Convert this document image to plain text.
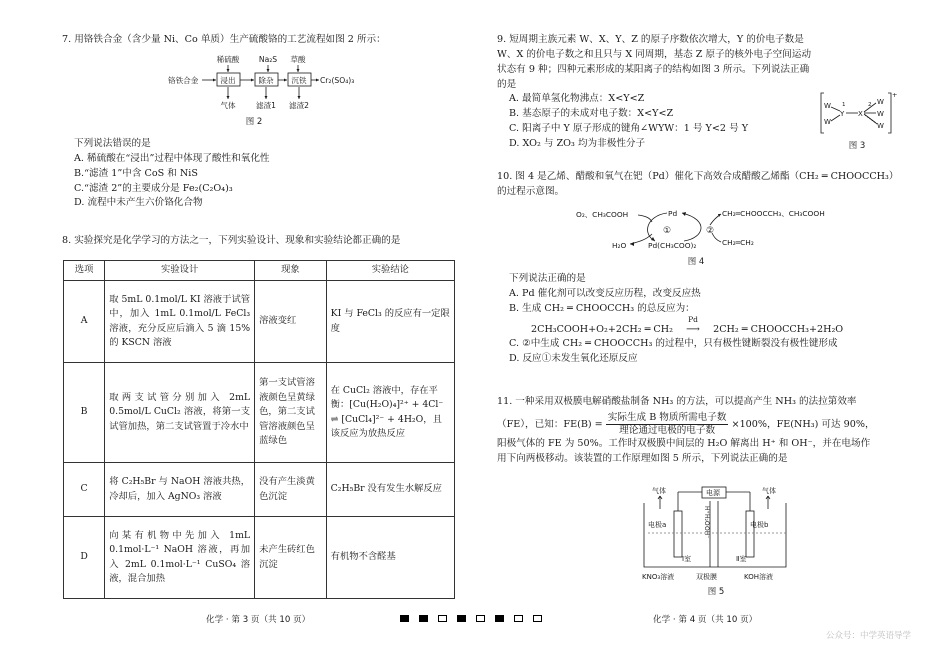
7. 用铬铁合金（含少量 Ni、Co 单质）生产硫酸铬的工艺流程如图 2 所示：

稀硫酸	Na₂S 草酸
铬铁合金	浸出	除杂 沉铁 Cr₂(SO₄)₃
气体	滤渣1 滤渣2
图 2

下列说法错误的是

A. 稀硫酸在“浸出”过程中体现了酸性和氧化性

B.“滤渣 1”中含 CoS 和 NiS

C.“滤渣 2”的主要成分是 Fe₂(C₂O₄)₃

D. 流程中未产生六价铬化合物

8. 实验探究是化学学习的方法之一，下列实验设计、现象和实验结论都正确的是

选项	实验设计	现象	实验结论
A	取 5mL 0.1mol/L KI 溶液于试管中，加入 1mL 0.1mol/L FeCl₃ 溶液，充分反应后滴入 5 滴 15% 的 KSCN 溶液	溶液变红	KI 与 FeCl₃ 的反应有一定限度
B	取两支试管分别加入 2mL 0.5mol/L CuCl₂ 溶液，将第一支试管加热，第二支试管置于冷水中	第一支试管溶液颜色呈黄绿色，第二支试管溶液颜色呈蓝绿色	在 CuCl₂ 溶液中，存在平衡：[Cu(H₂O)₄]²⁺ + 4Cl⁻ ⇌ [CuCl₄]²⁻ + 4H₂O，且该反应为放热反应
C	将 C₂H₅Br 与 NaOH 溶液共热，冷却后，加入 AgNO₃ 溶液	没有产生淡黄色沉淀	C₂H₅Br 没有发生水解反应
D	向某有机物中先加入 1mL 0.1mol·L⁻¹ NaOH 溶液，再加入 2mL 0.1mol·L⁻¹ CuSO₄ 溶液，混合加热	未产生砖红色沉淀	有机物不含醛基

9. 短周期主族元素 W、X、Y、Z 的原子序数依次增大，Y 的价电子数是 W、X 的价电子数之和且只与 X 同周期，基态 Z 原子的核外电子空间运动状态有 9 种；四种元素形成的某阳离子的结构如图 3 所示。下列说法正确的是

A. 最简单氢化物沸点：X<Y<Z

B. 基态原子的未成对电子数：X<Y<Z

C. 阳离子中 Y 原子形成的键角∠WYW：1 号 Y<2 号 Y

D. XO₂ 与 ZO₃ 均为非极性分子

W
W
Y
1
X
2 W
W
W
+
图 3

10. 图 4 是乙烯、醋酸和氧气在钯（Pd）催化下高效合成醋酸乙烯酯（CH₂ ═ CHOOCCH₃）的过程示意图。

O₂、CH₃COOH
H₂O
Pd
Pd(CH₃COO)₂
CH₂═CHOOCCH₃、CH₃COOH
CH₂═CH₂
①	②
图 4

下列说法正确的是

A. Pd 催化剂可以改变反应历程，改变反应热

B. 生成 CH₂ ═ CHOOCCH₃ 的总反应为：

2CH₃COOH+O₂+2CH₂ ═ CH₂
Pd
⟶ 2CH₂ ═ CHOOCCH₃+2H₂O

C. ②中生成 CH₂ ═ CHOOCCH₃ 的过程中，只有极性键断裂没有极性键形成

D. 反应①未发生氧化还原反应

11. 一种采用双极膜电解硝酸盐制备 NH₃ 的方法，可以提高产生 NH₃ 的法拉第效率

（FE），已知：$FE(B) = \frac{\text{实际生成 B 物质所需电子数}}{\text{理论通过电极的电子数}} \times 100\%$，FE(NH₃) 可达 90%，

阳极气体的 FE 为 50%。工作时双极膜中间层的 H₂O 解离出 H⁺ 和 OH⁻，并在电场作

用下向两极移动。该装置的工作原理如图 5 所示，下列说法正确的是

气体	气体
电源
电极a	电极b
Ⅰ室	Ⅱ室
KNO₃溶液	双极膜	KOH溶液
H⁺
H₂O
OH⁻
图 5
化学 · 第 3 页（共 10 页）	化学 · 第 4 页（共 10 页）
公众号：中学英语导学
